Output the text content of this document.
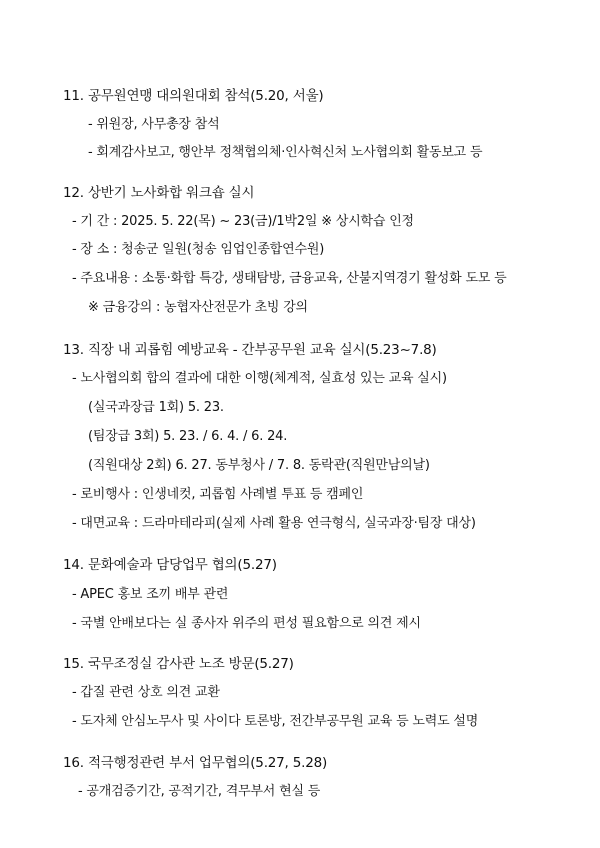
11. 공무원연맹 대의원대회 참석(5.20, 서울)
- 위원장, 사무총장 참석
- 회계감사보고, 행안부 정책협의체·인사혁신처 노사협의회 활동보고 등
12. 상반기 노사화합 워크숍 실시
- 기 간 : 2025. 5. 22(목) ~ 23(금)/1박2일 ※ 상시학습 인정
- 장 소 : 청송군 일원(청송 임업인종합연수원)
- 주요내용 : 소통·화합 특강, 생태탐방, 금융교육, 산불지역경기 활성화 도모 등
※ 금융강의 : 농협자산전문가 초빙 강의
13. 직장 내 괴롭힘 예방교육 - 간부공무원 교육 실시(5.23~7.8)
- 노사협의회 합의 결과에 대한 이행(체계적, 실효성 있는 교육 실시)
(실국과장급 1회) 5. 23.
(팀장급 3회) 5. 23. / 6. 4. / 6. 24.
(직원대상 2회) 6. 27. 동부청사 / 7. 8. 동락관(직원만남의날)
- 로비행사 : 인생네컷, 괴롭힘 사례별 투표 등 캠페인
- 대면교육 : 드라마테라피(실제 사례 활용 연극형식, 실국과장·팀장 대상)
14. 문화예술과 담당업무 협의(5.27)
- APEC 홍보 조끼 배부 관련
- 국별 안배보다는 실 종사자 위주의 편성 필요함으로 의견 제시
15. 국무조정실 감사관 노조 방문(5.27)
- 갑질 관련 상호 의견 교환
- 도자체 안심노무사 및 사이다 토론방, 전간부공무원 교육 등 노력도 설명
16. 적극행정관련 부서 업무협의(5.27, 5.28)
- 공개검증기간, 공적기간, 격무부서 현실 등
